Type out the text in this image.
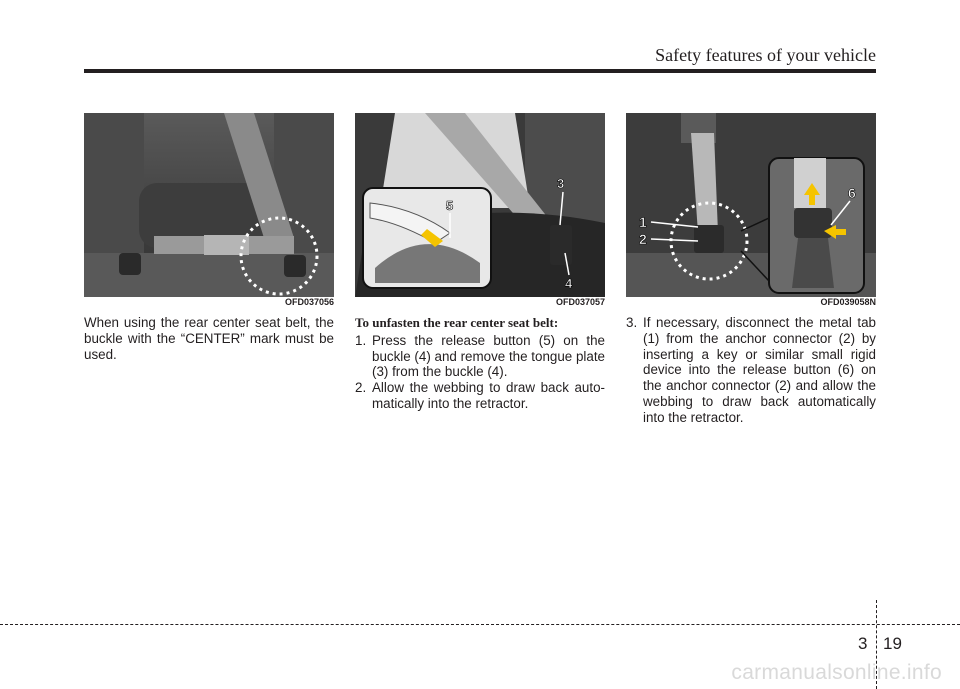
Safety features of your vehicle
OFD037056
5
3
4
OFD037057
1
2
6
OFD039058N

When using the rear center seat belt, the buckle with the “CENTER” mark must be used.

To unfasten the rear center seat belt:
1. Press the release button (5) on the buckle (4) and remove the tongue plate (3) from the buckle (4).
2. Allow the webbing to draw back auto-matically into the retractor.
3. If necessary, disconnect the metal tab (1) from the anchor connector (2) by inserting a key or similar small rigid device into the release button (6) on the anchor connector (2) and allow the webbing to draw back automatically into the retractor.
3 19
carmanualsonline.info
